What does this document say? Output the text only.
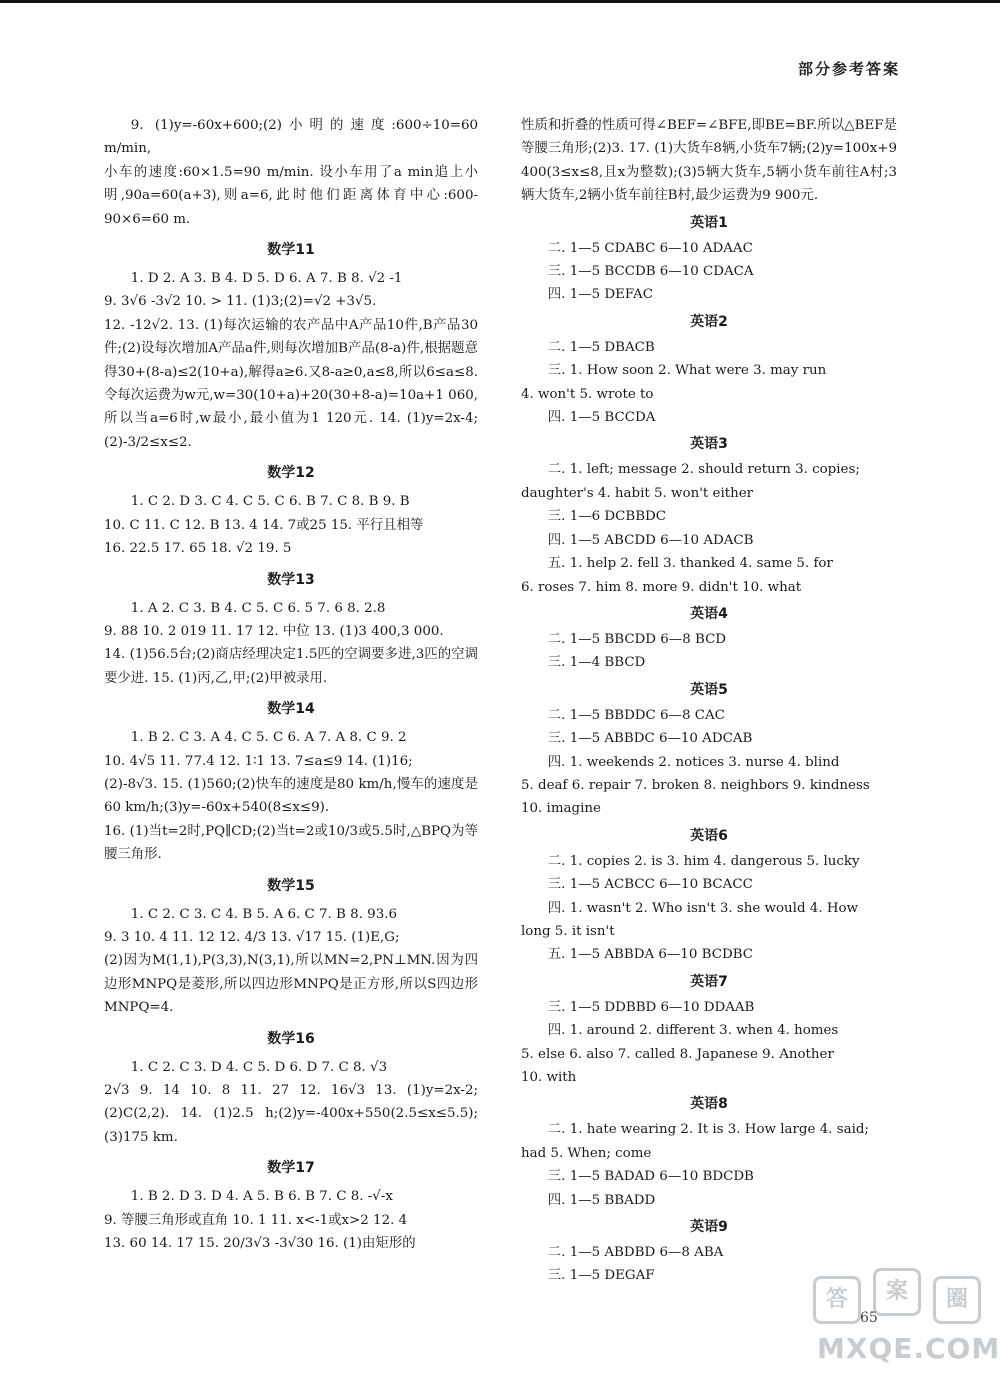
部分参考答案
9. (1)y=-60x+600;(2)小明的速度:600÷10=60 m/min,
小车的速度:60×1.5=90 m/min. 设小车用了a min追上小明,90a=60(a+3),则a=6,此时他们距离体育中心:600-90×6=60 m.
数学11
1. D 2. A 3. B 4. D 5. D 6. A 7. B 8. √2 -1
9. 3√6 -3√2 10. > 11. (1)3;(2)=√2 +3√5.
12. -12√2. 13. (1)每次运输的农产品中A产品10件,B产品30件;(2)设每次增加A产品a件,则每次增加B产品(8-a)件,根据题意得30+(8-a)≤2(10+a),解得a≥6.又8-a≥0,a≤8,所以6≤a≤8.令每次运费为w元,w=30(10+a)+20(30+8-a)=10a+1 060,所以当a=6时,w最小,最小值为1 120元. 14. (1)y=2x-4;(2)-3/2≤x≤2.
数学12
1. C 2. D 3. C 4. C 5. C 6. B 7. C 8. B 9. B
10. C 11. C 12. B 13. 4 14. 7或25 15. 平行且相等
16. 22.5 17. 65 18. √2 19. 5
数学13
1. A 2. C 3. B 4. C 5. C 6. 5 7. 6 8. 2.8
9. 88 10. 2 019 11. 17 12. 中位 13. (1)3 400,3 000.
14. (1)56.5台;(2)商店经理决定1.5匹的空调要多进,3匹的空调要少进. 15. (1)丙,乙,甲;(2)甲被录用.
数学14
1. B 2. C 3. A 4. C 5. C 6. A 7. A 8. C 9. 2
10. 4√5 11. 77.4 12. 1∶1 13. 7≤a≤9 14. (1)16;
(2)-8√3. 15. (1)560;(2)快车的速度是80 km/h,慢车的速度是60 km/h;(3)y=-60x+540(8≤x≤9).
16. (1)当t=2时,PQ∥CD;(2)当t=2或10/3或5.5时,△BPQ为等腰三角形.
数学15
1. C 2. C 3. C 4. B 5. A 6. C 7. B 8. 93.6
9. 3 10. 4 11. 12 12. 4/3 13. √17 15. (1)E,G;
(2)因为M(1,1),P(3,3),N(3,1),所以MN=2,PN⊥MN.因为四边形MNPQ是菱形,所以四边形MNPQ是正方形,所以S四边形MNPQ=4.
数学16
1. C 2. C 3. D 4. C 5. D 6. D 7. C 8. √3
2√3 9. 14 10. 8 11. 27 12. 16√3 13. (1)y=2x-2;(2)C(2,2). 14. (1)2.5 h;(2)y=-400x+550(2.5≤x≤5.5);(3)175 km.
数学17
1. B 2. D 3. D 4. A 5. B 6. B 7. C 8. -√-x
9. 等腰三角形或直角 10. 1 11. x<-1或x>2 12. 4
13. 60 14. 17 15. 20/3√3 -3√30 16. (1)由矩形的
性质和折叠的性质可得∠BEF=∠BFE,即BE=BF.所以△BEF是等腰三角形;(2)3. 17. (1)大货车8辆,小货车7辆;(2)y=100x+9 400(3≤x≤8,且x为整数);(3)5辆大货车,5辆小货车前往A村;3辆大货车,2辆小货车前往B村,最少运费为9 900元.
英语1
二. 1—5 CDABC 6—10 ADAAC
三. 1—5 BCCDB 6—10 CDACA
四. 1—5 DEFAC
英语2
二. 1—5 DBACB
三. 1. How soon 2. What were 3. may run
4. won't 5. wrote to
四. 1—5 BCCDA
英语3
二. 1. left; message 2. should return 3. copies;
daughter's 4. habit 5. won't either
三. 1—6 DCBBDC
四. 1—5 ABCDD 6—10 ADACB
五. 1. help 2. fell 3. thanked 4. same 5. for
6. roses 7. him 8. more 9. didn't 10. what
英语4
二. 1—5 BBCDD 6—8 BCD
三. 1—4 BBCD
英语5
二. 1—5 BBDDC 6—8 CAC
三. 1—5 ABBDC 6—10 ADCAB
四. 1. weekends 2. notices 3. nurse 4. blind
5. deaf 6. repair 7. broken 8. neighbors 9. kindness
10. imagine
英语6
二. 1. copies 2. is 3. him 4. dangerous 5. lucky
三. 1—5 ACBCC 6—10 BCACC
四. 1. wasn't 2. Who isn't 3. she would 4. How
long 5. it isn't
五. 1—5 ABBDA 6—10 BCDBC
英语7
三. 1—5 DDBBD 6—10 DDAAB
四. 1. around 2. different 3. when 4. homes
5. else 6. also 7. called 8. Japanese 9. Another
10. with
英语8
二. 1. hate wearing 2. It is 3. How large 4. said;
had 5. When; come
三. 1—5 BADAD 6—10 BDCDB
四. 1—5 BBADD
英语9
二. 1—5 ABDBD 6—8 ABA
三. 1—5 DEGAF
65
答	案	圈
MXQE.COM
